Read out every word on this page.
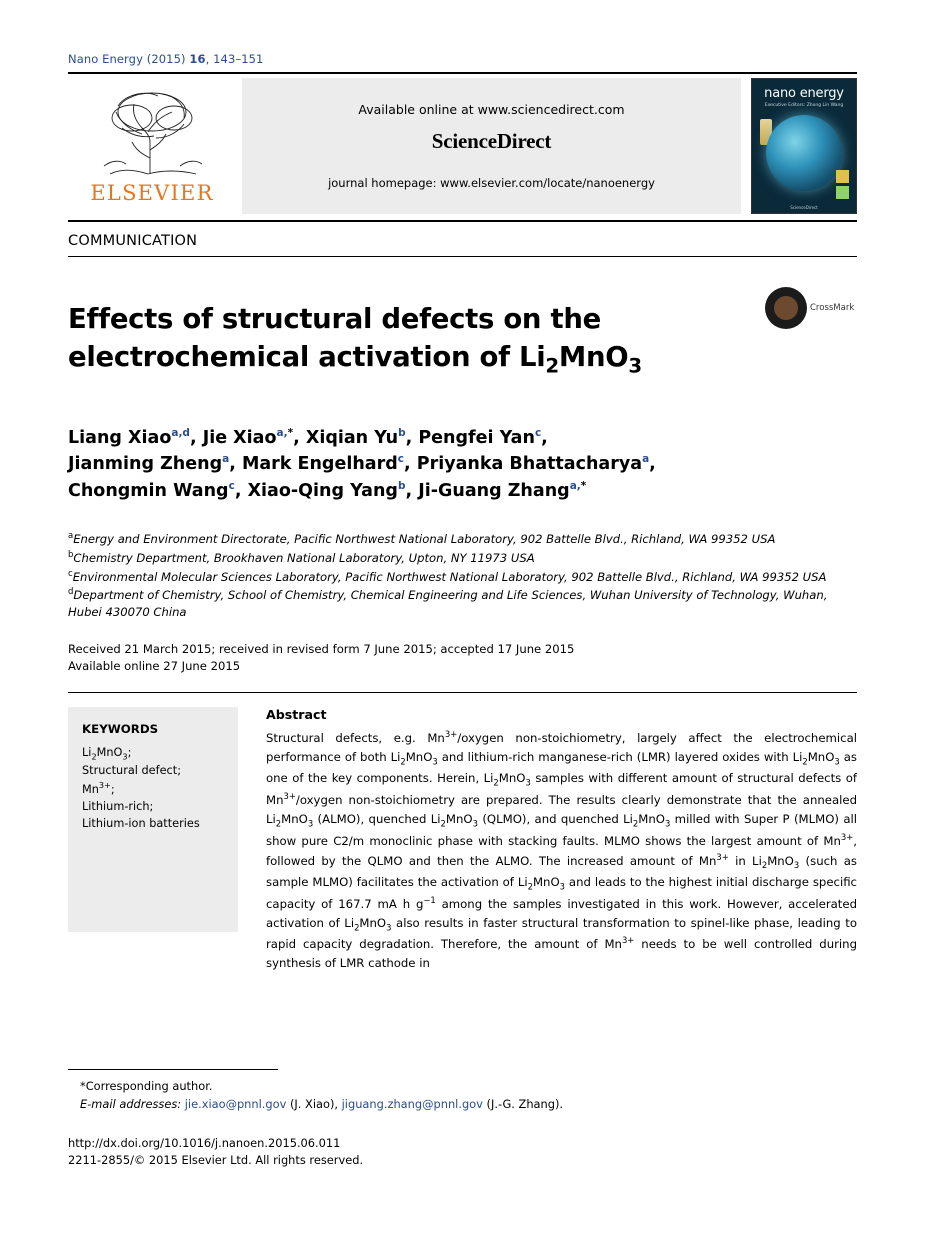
Nano Energy (2015) 16, 143–151
ELSEVIER
Available online at www.sciencedirect.com
ScienceDirect
journal homepage: www.elsevier.com/locate/nanoenergy
nano energy
Executive Editors: Zhong Lin Wang
ScienceDirect
COMMUNICATION
Effects of structural defects on the
electrochemical activation of $Li_2MnO_3$
CrossMark
Liang Xiao$^{a,d}$, Jie Xiao$^{a,*}$, Xiqian Yu$^b$, Pengfei Yan$^c$,
Jianming Zheng$^a$, Mark Engelhard$^c$, Priyanka Bhattacharya$^a$,
Chongmin Wang$^c$, Xiao-Qing Yang$^b$, Ji-Guang Zhang$^{a,*}$

$^a$Energy and Environment Directorate, Pacific Northwest National Laboratory, 902 Battelle Blvd., Richland, WA 99352 USA

$^b$Chemistry Department, Brookhaven National Laboratory, Upton, NY 11973 USA

$^c$Environmental Molecular Sciences Laboratory, Pacific Northwest National Laboratory, 902 Battelle Blvd., Richland, WA 99352 USA

$^d$Department of Chemistry, School of Chemistry, Chemical Engineering and Life Sciences, Wuhan University of Technology, Wuhan, Hubei 430070 China

Received 21 March 2015; received in revised form 7 June 2015; accepted 17 June 2015
Available online 27 June 2015
KEYWORDS
$Li_2MnO_3$;
Structural defect;
$Mn^{3+}$;
Lithium-rich;
Lithium-ion batteries
Abstract

Structural defects, e.g. $Mn^{3+}$/oxygen non-stoichiometry, largely affect the electrochemical performance of both $Li_2MnO_3$ and lithium-rich manganese-rich (LMR) layered oxides with $Li_2MnO_3$ as one of the key components. Herein, $Li_2MnO_3$ samples with different amount of structural defects of $Mn^{3+}$/oxygen non-stoichiometry are prepared. The results clearly demonstrate that the annealed $Li_2MnO_3$ (ALMO), quenched $Li_2MnO_3$ (QLMO), and quenched $Li_2MnO_3$ milled with Super P (MLMO) all show pure C2/m monoclinic phase with stacking faults. MLMO shows the largest amount of $Mn^{3+}$, followed by the QLMO and then the ALMO. The increased amount of $Mn^{3+}$ in $Li_2MnO_3$ (such as sample MLMO) facilitates the activation of $Li_2MnO_3$ and leads to the highest initial discharge specific capacity of 167.7 mA h $g^{-1}$ among the samples investigated in this work. However, accelerated activation of $Li_2MnO_3$ also results in faster structural transformation to spinel-like phase, leading to rapid capacity degradation. Therefore, the amount of $Mn^{3+}$ needs to be well controlled during synthesis of LMR cathode in

*Corresponding author.
E-mail addresses: jie.xiao@pnnl.gov (J. Xiao), jiguang.zhang@pnnl.gov (J.-G. Zhang).
http://dx.doi.org/10.1016/j.nanoen.2015.06.011
2211-2855/© 2015 Elsevier Ltd. All rights reserved.
